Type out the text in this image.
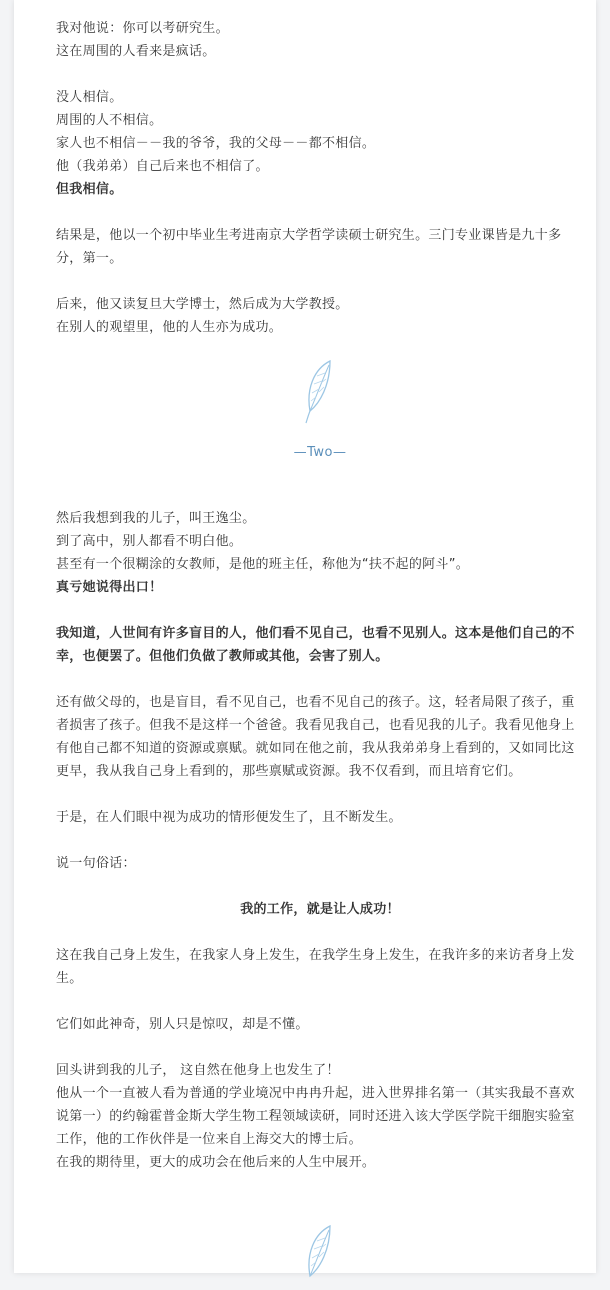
我对他说：你可以考研究生。

这在周围的人看来是疯话。

没人相信。

周围的人不相信。

家人也不相信－－我的爷爷，我的父母－－都不相信。

他（我弟弟）自己后来也不相信了。

但我相信。

结果是，他以一个初中毕业生考进南京大学哲学读硕士研究生。三门专业课皆是九十多分，第一。

后来，他又读复旦大学博士，然后成为大学教授。

在别人的观望里，他的人生亦为成功。

—Two—

然后我想到我的儿子，叫王逸尘。

到了高中，别人都看不明白他。

甚至有一个很糊涂的女教师，是他的班主任，称他为“扶不起的阿斗”。

真亏她说得出口！

我知道，人世间有许多盲目的人，他们看不见自己，也看不见别人。这本是他们自己的不幸，也便罢了。但他们负做了教师或其他，会害了别人。

还有做父母的，也是盲目，看不见自己，也看不见自己的孩子。这，轻者局限了孩子，重者损害了孩子。但我不是这样一个爸爸。我看见我自己，也看见我的儿子。我看见他身上有他自己都不知道的资源或禀赋。就如同在他之前，我从我弟弟身上看到的，又如同比这更早，我从我自己身上看到的，那些禀赋或资源。我不仅看到，而且培育它们。

于是，在人们眼中视为成功的情形便发生了，且不断发生。

说一句俗话：

我的工作，就是让人成功！

这在我自己身上发生，在我家人身上发生，在我学生身上发生，在我许多的来访者身上发生。

它们如此神奇，别人只是惊叹，却是不懂。

回头讲到我的儿子， 这自然在他身上也发生了！

他从一个一直被人看为普通的学业境况中冉冉升起，进入世界排名第一（其实我最不喜欢说第一）的约翰霍普金斯大学生物工程领域读研，同时还进入该大学医学院干细胞实验室工作，他的工作伙伴是一位来自上海交大的博士后。

在我的期待里，更大的成功会在他后来的人生中展开。
